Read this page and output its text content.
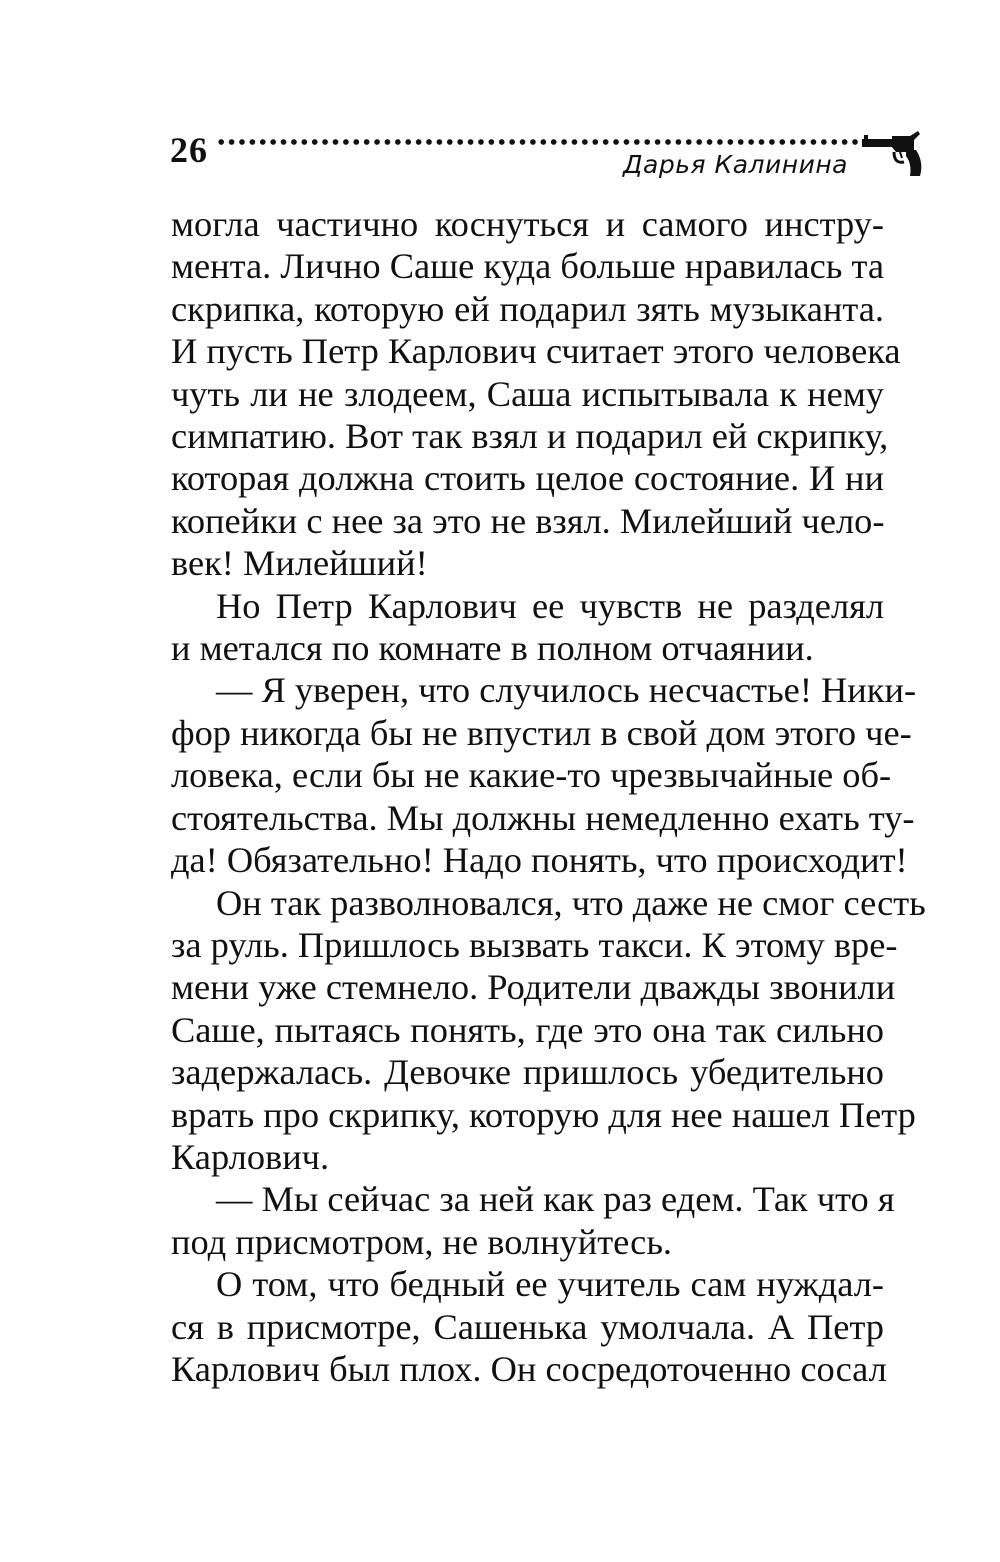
26	Дарья Калинина

могла частично коснуться и самого инстру-

мента. Лично Саше куда больше нравилась та

скрипка, которую ей подарил зять музыканта.

И пусть Петр Карлович считает этого человека

чуть ли не злодеем, Саша испытывала к нему

симпатию. Вот так взял и подарил ей скрипку,

которая должна стоить целое состояние. И ни

копейки с нее за это не взял. Милейший чело-

век! Милейший!

Но Петр Карлович ее чувств не разделял

и метался по комнате в полном отчаянии.

— Я уверен, что случилось несчастье! Ники-

фор никогда бы не впустил в свой дом этого че-

ловека, если бы не какие-то чрезвычайные об-

стоятельства. Мы должны немедленно ехать ту-

да! Обязательно! Надо понять, что происходит!

Он так разволновался, что даже не смог сесть

за руль. Пришлось вызвать такси. К этому вре-

мени уже стемнело. Родители дважды звонили

Саше, пытаясь понять, где это она так сильно

задержалась. Девочке пришлось убедительно

врать про скрипку, которую для нее нашел Петр

Карлович.

— Мы сейчас за ней как раз едем. Так что я

под присмотром, не волнуйтесь.

О том, что бедный ее учитель сам нуждал-

ся в присмотре, Сашенька умолчала. А Петр

Карлович был плох. Он сосредоточенно сосал
